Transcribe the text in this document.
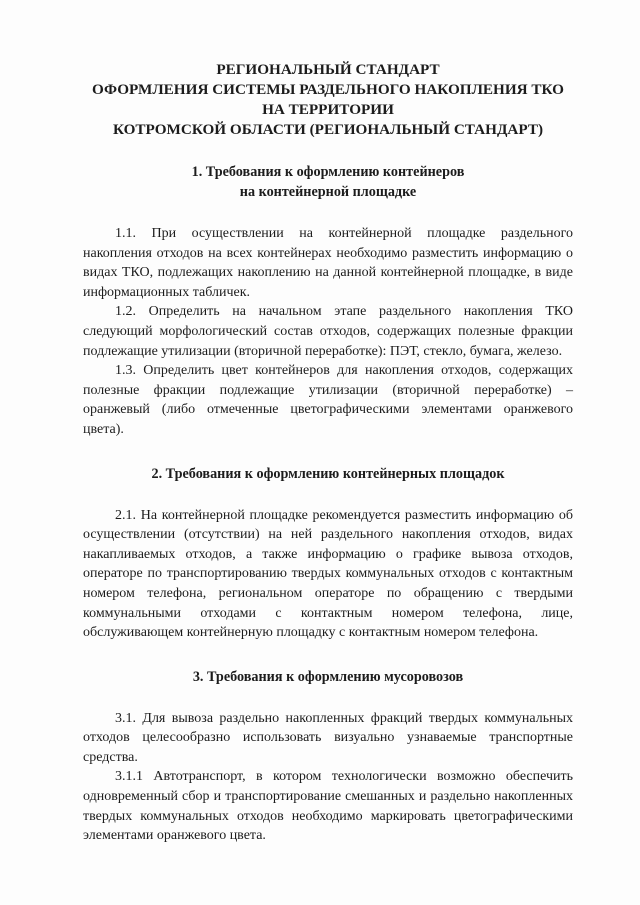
РЕГИОНАЛЬНЫЙ СТАНДАРТ

ОФОРМЛЕНИЯ СИСТЕМЫ РАЗДЕЛЬНОГО НАКОПЛЕНИЯ ТКО

НА ТЕРРИТОРИИ

КОТРОМСКОЙ ОБЛАСТИ (РЕГИОНАЛЬНЫЙ СТАНДАРТ)

1. Требования к оформлению контейнеров

на контейнерной площадке

1.1. При осуществлении на контейнерной площадке раздельного накопления отходов на всех контейнерах необходимо разместить информацию о видах ТКО, подлежащих накоплению на данной контейнерной площадке, в виде информационных табличек.

1.2. Определить на начальном этапе раздельного накопления ТКО следующий морфологический состав отходов, содержащих полезные фракции подлежащие утилизации (вторичной переработке): ПЭТ, стекло, бумага, железо.

1.3. Определить цвет контейнеров для накопления отходов, содержащих полезные фракции подлежащие утилизации (вторичной переработке) – оранжевый (либо отмеченные цветографическими элементами оранжевого цвета).

2. Требования к оформлению контейнерных площадок

2.1. На контейнерной площадке рекомендуется разместить информацию об осуществлении (отсутствии) на ней раздельного накопления отходов, видах накапливаемых отходов, а также информацию о графике вывоза отходов, операторе по транспортированию твердых коммунальных отходов с контактным номером телефона, региональном операторе по обращению с твердыми коммунальными отходами с контактным номером телефона, лице, обслуживающем контейнерную площадку с контактным номером телефона.

3. Требования к оформлению мусоровозов

3.1. Для вывоза раздельно накопленных фракций твердых коммунальных отходов целесообразно использовать визуально узнаваемые транспортные средства.

3.1.1 Автотранспорт, в котором технологически возможно обеспечить одновременный сбор и транспортирование смешанных и раздельно накопленных твердых коммунальных отходов необходимо маркировать цветографическими элементами оранжевого цвета.
